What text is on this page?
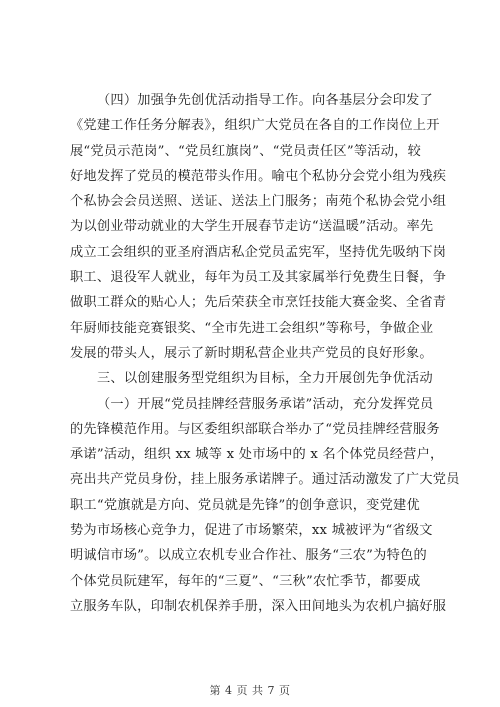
（四）加强争先创优活动指导工作。向各基层分会印发了
《党建工作任务分解表》，组织广大党员在各自的工作岗位上开
展“党员示范岗”、“党员红旗岗”、“党员责任区”等活动，较
好地发挥了党员的模范带头作用。喻屯个私协分会党小组为残疾
个私协会会员送照、送证、送法上门服务；南苑个私协会党小组
为以创业带动就业的大学生开展春节走访“送温暖”活动。率先
成立工会组织的亚圣府酒店私企党员孟宪军，坚持优先吸纳下岗
职工、退役军人就业，每年为员工及其家属举行免费生日餐，争
做职工群众的贴心人；先后荣获全市烹饪技能大赛金奖、全省青
年厨师技能竞赛银奖、“全市先进工会组织”等称号，争做企业
发展的带头人，展示了新时期私营企业共产党员的良好形象。
三、以创建服务型党组织为目标，全力开展创先争优活动
（一）开展“党员挂牌经营服务承诺”活动，充分发挥党员
的先锋模范作用。与区委组织部联合举办了“党员挂牌经营服务
承诺”活动，组织 xx 城等 x 处市场中的 x 名个体党员经营户，
亮出共产党员身份，挂上服务承诺牌子。通过活动激发了广大党员
职工“党旗就是方向、党员就是先锋”的创争意识，变党建优
势为市场核心竞争力，促进了市场繁荣，xx 城被评为“省级文
明诚信市场”。以成立农机专业合作社、服务“三农”为特色的
个体党员阮建军，每年的“三夏”、“三秋”农忙季节，都要成
立服务车队，印制农机保养手册，深入田间地头为农机户搞好服
第 4 页 共 7 页
